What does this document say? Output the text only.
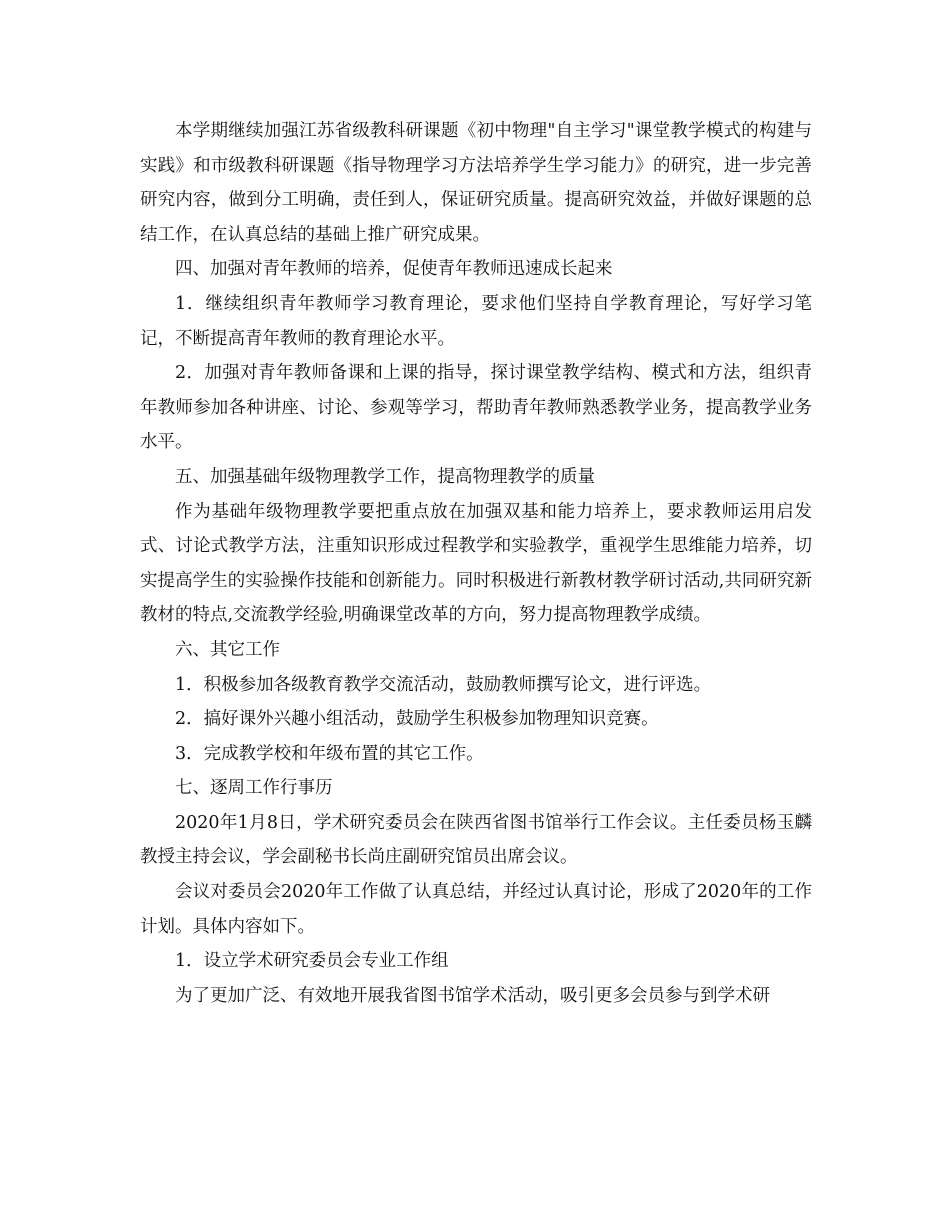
本学期继续加强江苏省级教科研课题《初中物理"自主学习"课堂教学模式的构建与实践》和市级教科研课题《指导物理学习方法培养学生学习能力》的研究，进一步完善研究内容，做到分工明确，责任到人，保证研究质量。提高研究效益，并做好课题的总结工作，在认真总结的基础上推广研究成果。

四、加强对青年教师的培养，促使青年教师迅速成长起来

1．继续组织青年教师学习教育理论，要求他们坚持自学教育理论，写好学习笔记，不断提高青年教师的教育理论水平。

2．加强对青年教师备课和上课的指导，探讨课堂教学结构、模式和方法，组织青年教师参加各种讲座、讨论、参观等学习，帮助青年教师熟悉教学业务，提高教学业务水平。

五、加强基础年级物理教学工作，提高物理教学的质量

作为基础年级物理教学要把重点放在加强双基和能力培养上，要求教师运用启发式、讨论式教学方法，注重知识形成过程教学和实验教学，重视学生思维能力培养，切实提高学生的实验操作技能和创新能力。同时积极进行新教材教学研讨活动,共同研究新教材的特点,交流教学经验,明确课堂改革的方向，努力提高物理教学成绩。

六、其它工作

1．积极参加各级教育教学交流活动，鼓励教师撰写论文，进行评选。

2．搞好课外兴趣小组活动，鼓励学生积极参加物理知识竞赛。

3．完成教学校和年级布置的其它工作。

七、逐周工作行事历

2020年1月8日，学术研究委员会在陕西省图书馆举行工作会议。主任委员杨玉麟教授主持会议，学会副秘书长尚庄副研究馆员出席会议。

会议对委员会2020年工作做了认真总结，并经过认真讨论，形成了2020年的工作计划。具体内容如下。

1．设立学术研究委员会专业工作组

为了更加广泛、有效地开展我省图书馆学术活动，吸引更多会员参与到学术研
